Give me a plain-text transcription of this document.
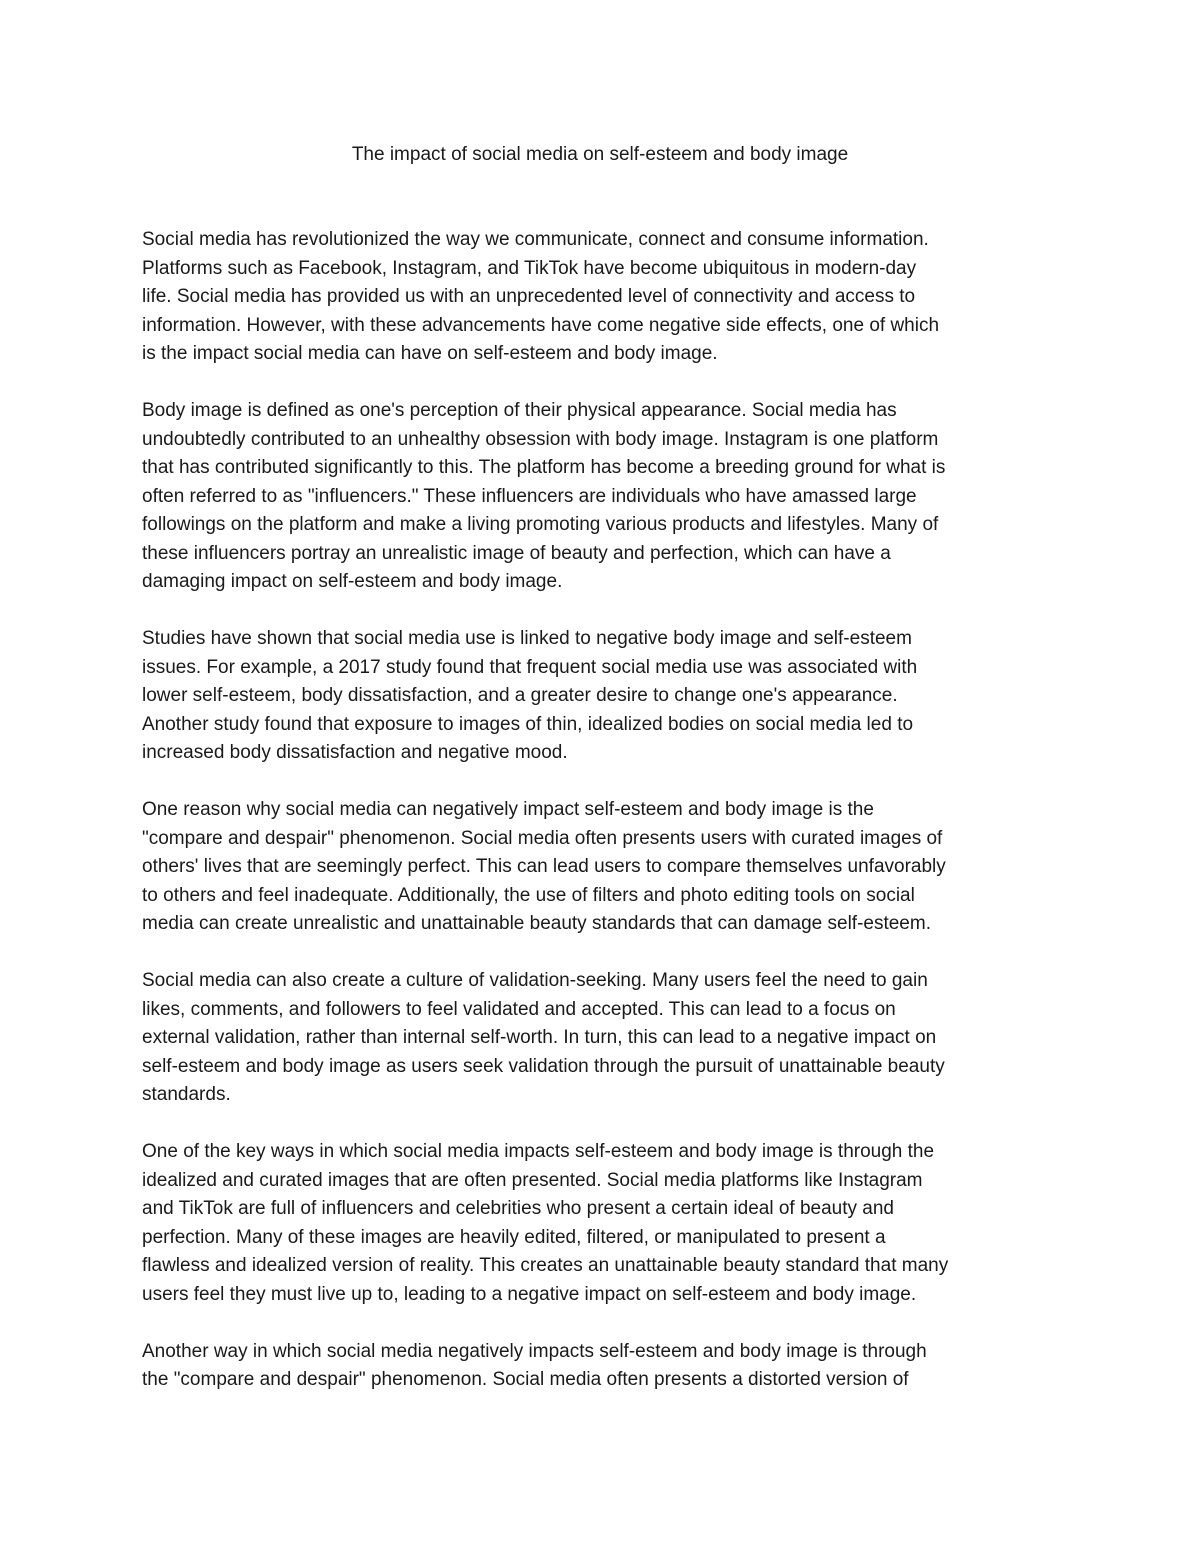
The impact of social media on self-esteem and body image
Social media has revolutionized the way we communicate, connect and consume information.
Platforms such as Facebook, Instagram, and TikTok have become ubiquitous in modern-day
life. Social media has provided us with an unprecedented level of connectivity and access to
information. However, with these advancements have come negative side effects, one of which
is the impact social media can have on self-esteem and body image.
Body image is defined as one's perception of their physical appearance. Social media has
undoubtedly contributed to an unhealthy obsession with body image. Instagram is one platform
that has contributed significantly to this. The platform has become a breeding ground for what is
often referred to as "influencers." These influencers are individuals who have amassed large
followings on the platform and make a living promoting various products and lifestyles. Many of
these influencers portray an unrealistic image of beauty and perfection, which can have a
damaging impact on self-esteem and body image.
Studies have shown that social media use is linked to negative body image and self-esteem
issues. For example, a 2017 study found that frequent social media use was associated with
lower self-esteem, body dissatisfaction, and a greater desire to change one's appearance.
Another study found that exposure to images of thin, idealized bodies on social media led to
increased body dissatisfaction and negative mood.
One reason why social media can negatively impact self-esteem and body image is the
"compare and despair" phenomenon. Social media often presents users with curated images of
others' lives that are seemingly perfect. This can lead users to compare themselves unfavorably
to others and feel inadequate. Additionally, the use of filters and photo editing tools on social
media can create unrealistic and unattainable beauty standards that can damage self-esteem.
Social media can also create a culture of validation-seeking. Many users feel the need to gain
likes, comments, and followers to feel validated and accepted. This can lead to a focus on
external validation, rather than internal self-worth. In turn, this can lead to a negative impact on
self-esteem and body image as users seek validation through the pursuit of unattainable beauty
standards.
One of the key ways in which social media impacts self-esteem and body image is through the
idealized and curated images that are often presented. Social media platforms like Instagram
and TikTok are full of influencers and celebrities who present a certain ideal of beauty and
perfection. Many of these images are heavily edited, filtered, or manipulated to present a
flawless and idealized version of reality. This creates an unattainable beauty standard that many
users feel they must live up to, leading to a negative impact on self-esteem and body image.
Another way in which social media negatively impacts self-esteem and body image is through
the "compare and despair" phenomenon. Social media often presents a distorted version of
